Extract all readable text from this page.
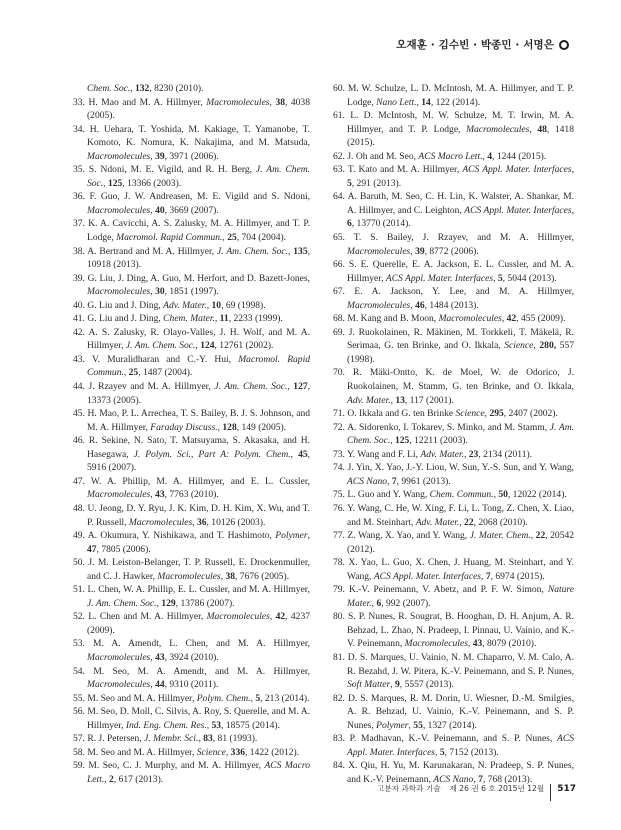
오재훈 · 김수빈 · 박종민 · 서명은
Chem. Soc., 132, 8230 (2010).
33. H. Mao and M. A. Hillmyer, Macromolecules, 38, 4038 (2005).
34. H. Uehara, T. Yoshida, M. Kakiage, T. Yamanobe, T. Komoto, K. Nomura, K. Nakajima, and M. Matsuda, Macromolecules, 39, 3971 (2006).
35. S. Ndoni, M. E. Vigild, and R. H. Berg, J. Am. Chem. Soc., 125, 13366 (2003).
36. F. Guo, J. W. Andreasen, M. E. Vigild and S. Ndoni, Macromolecules, 40, 3669 (2007).
37. K. A. Cavicchi, A. S. Zalusky, M. A. Hillmyer, and T. P. Lodge, Macromol. Rapid Commun., 25, 704 (2004).
38. A. Bertrand and M. A. Hillmyer, J. Am. Chem. Soc., 135, 10918 (2013).
39. G. Liu, J. Ding, A. Guo, M. Herfort, and D. Bazett-Jones, Macromolecules, 30, 1851 (1997).
40. G. Liu and J. Ding, Adv. Mater., 10, 69 (1998).
41. G. Liu and J. Ding, Chem. Mater., 11, 2233 (1999).
42. A. S. Zalusky, R. Olayo-Valles, J. H. Wolf, and M. A. Hillmyer, J. Am. Chem. Soc., 124, 12761 (2002).
43. V. Muralidharan and C.-Y. Hui, Macromol. Rapid Commun., 25, 1487 (2004).
44. J. Rzayev and M. A. Hillmyer, J. Am. Chem. Soc., 127, 13373 (2005).
45. H. Mao, P. L. Arrechea, T. S. Bailey, B. J. S. Johnson, and M. A. Hillmyer, Faraday Discuss., 128, 149 (2005).
46. R. Sekine, N. Sato, T. Matsuyama, S. Akasaka, and H. Hasegawa, J. Polym. Sci., Part A: Polym. Chem., 45, 5916 (2007).
47. W. A. Phillip, M. A. Hillmyer, and E. L. Cussler, Macromolecules, 43, 7763 (2010).
48. U. Jeong, D. Y. Ryu, J. K. Kim, D. H. Kim, X. Wu, and T. P. Russell, Macromolecules, 36, 10126 (2003).
49. A. Okumura, Y. Nishikawa, and T. Hashimoto, Polymer, 47, 7805 (2006).
50. J. M. Leiston-Belanger, T. P. Russell, E. Drockenmuller, and C. J. Hawker, Macromolecules, 38, 7676 (2005).
51. L. Chen, W. A. Phillip, E. L. Cussler, and M. A. Hillmyer, J. Am. Chem. Soc., 129, 13786 (2007).
52. L. Chen and M. A. Hillmyer, Macromolecules, 42, 4237 (2009).
53. M. A. Amendt, L. Chen, and M. A. Hillmyer, Macromolecules, 43, 3924 (2010).
54. M. Seo, M. A. Amendt, and M. A. Hillmyer, Macromolecules, 44, 9310 (2011).
55. M. Seo and M. A. Hillmyer, Polym. Chem., 5, 213 (2014).
56. M. Seo, D. Moll, C. Silvis, A. Roy, S. Querelle, and M. A. Hillmyer, Ind. Eng. Chem. Res., 53, 18575 (2014).
57. R. J. Petersen, J. Membr. Sci., 83, 81 (1993).
58. M. Seo and M. A. Hillmyer, Science, 336, 1422 (2012).
59. M. Seo, C. J. Murphy, and M. A. Hillmyer, ACS Macro Lett., 2, 617 (2013).
60. M. W. Schulze, L. D. McIntosh, M. A. Hillmyer, and T. P. Lodge, Nano Lett., 14, 122 (2014).
61. L. D. McIntosh, M. W. Schulze, M. T. Irwin, M. A. Hillmyer, and T. P. Lodge, Macromolecules, 48, 1418 (2015).
62. J. Oh and M. Seo, ACS Macro Lett., 4, 1244 (2015).
63. T. Kato and M. A. Hillmyer, ACS Appl. Mater. Interfaces, 5, 291 (2013).
64. A. Baruth, M. Seo, C. H. Lin, K. Walster, A. Shankar, M. A. Hillmyer, and C. Leighton, ACS Appl. Mater. Interfaces, 6, 13770 (2014).
65. T. S. Bailey, J. Rzayev, and M. A. Hillmyer, Macromolecules, 39, 8772 (2006).
66. S. E. Querelle, E. A. Jackson, E. L. Cussler, and M. A. Hillmyer, ACS Appl. Mater. Interfaces, 5, 5044 (2013).
67. E. A. Jackson, Y. Lee, and M. A. Hillmyer, Macromolecules, 46, 1484 (2013).
68. M. Kang and B. Moon, Macromolecules, 42, 455 (2009).
69. J. Ruokolainen, R. Mäkinen, M. Torkkeli, T. Mäkelä, R. Serimaa, G. ten Brinke, and O. Ikkala, Science, 280, 557 (1998).
70. R. Mäki-Ontto, K. de Moel, W. de Odorico, J. Ruokolainen, M. Stamm, G. ten Brinke, and O. Ikkala, Adv. Mater., 13, 117 (2001).
71. O. Ikkala and G. ten Brinke Science, 295, 2407 (2002).
72. A. Sidorenko, I. Tokarev, S. Minko, and M. Stamm, J. Am. Chem. Soc., 125, 12211 (2003).
73. Y. Wang and F. Li, Adv. Mater., 23, 2134 (2011).
74. J. Yin, X. Yao, J.-Y. Liou, W. Sun, Y.-S. Sun, and Y. Wang, ACS Nano, 7, 9961 (2013).
75. L. Guo and Y. Wang, Chem. Commun., 50, 12022 (2014).
76. Y. Wang, C. He, W. Xing, F. Li, L. Tong, Z. Chen, X. Liao, and M. Steinhart, Adv. Mater., 22, 2068 (2010).
77. Z. Wang, X. Yao, and Y. Wang, J. Mater. Chem., 22, 20542 (2012).
78. X. Yao, L. Guo, X. Chen, J. Huang, M. Steinhart, and Y. Wang, ACS Appl. Mater. Interfaces, 7, 6974 (2015).
79. K.-V. Peinemann, V. Abetz, and P. F. W. Simon, Nature Mater., 6, 992 (2007).
80. S. P. Nunes, R. Sougrat, B. Hooghan, D. H. Anjum, A. R. Behzad, L. Zhao, N. Pradeep, I. Pinnau, U. Vainio, and K.-V. Peinemann, Macromolecules, 43, 8079 (2010).
81. D. S. Marques, U. Vainio, N. M. Chaparro, V. M. Calo, A. R. Bezahd, J. W. Pitera, K.-V. Peinemann, and S. P. Nunes, Soft Matter, 9, 5557 (2013).
82. D. S. Marques, R. M. Dorin, U. Wiesner, D.-M. Smilgies, A. R. Behzad, U. Vainio, K.-V. Peinemann, and S. P. Nunes, Polymer, 55, 1327 (2014).
83. P. Madhavan, K.-V. Peinemann, and S. P. Nunes, ACS Appl. Mater. Interfaces, 5, 7152 (2013).
84. X. Qiu, H. Yu, M. Karunakaran, N. Pradeep, S. P. Nunes, and K.-V. Peinemann, ACS Nano, 7, 768 (2013).
고분자 과학과 기술 제 26 권 6 호 2015년 12월 517
